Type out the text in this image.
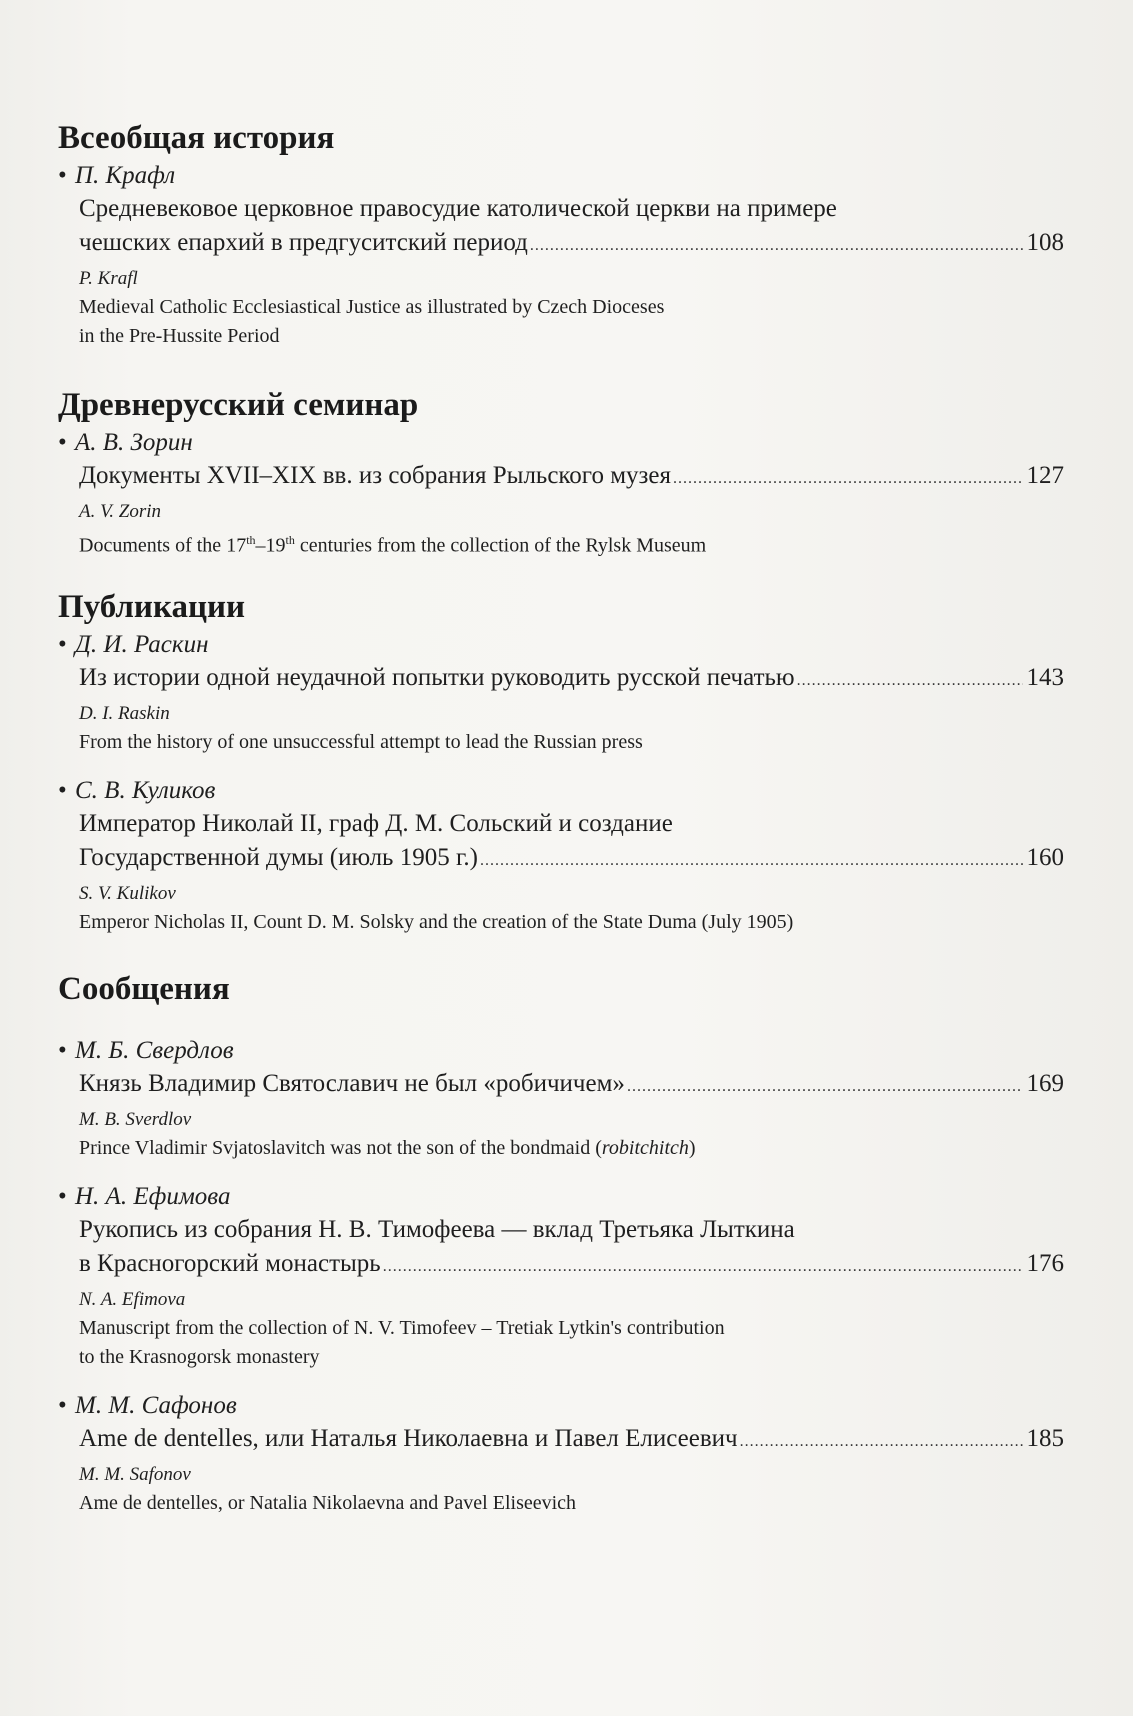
Всеобщая история
• П. Крафл
Средневековое церковное правосудие католической церкви на примере
чешских епархий в предгуситский период .....	108
P. Krafl
Medieval Catholic Ecclesiastical Justice as illustrated by Czech Dioceses
in the Pre-Hussite Period
Древнерусский семинар
• А. В. Зорин
Документы XVII–XIX вв. из собрания Рыльского музея .....	127
A. V. Zorin
Documents of the 17th–19th centuries from the collection of the Rylsk Museum
Публикации
• Д. И. Раскин
Из истории одной неудачной попытки руководить русской печатью .....	143
D. I. Raskin
From the history of one unsuccessful attempt to lead the Russian press
• С. В. Куликов
Император Николай II, граф Д. М. Сольский и создание
Государственной думы (июль 1905 г.) .....	160
S. V. Kulikov
Emperor Nicholas II, Count D. M. Solsky and the creation of the State Duma (July 1905)
Сообщения
• М. Б. Свердлов
Князь Владимир Святославич не был «робичичем» .....	169
M. B. Sverdlov
Prince Vladimir Svjatoslavitch was not the son of the bondmaid (robitchitch)
• Н. А. Ефимова
Рукопись из собрания Н. В. Тимофеева — вклад Третьяка Лыткина
в Красногорский монастырь .....	176
N. A. Efimova
Manuscript from the collection of N. V. Timofeev – Tretiak Lytkin's contribution
to the Krasnogorsk monastery
• М. М. Сафонов
Ame de dentelles, или Наталья Николаевна и Павел Елисеевич .....	185
M. M. Safonov
Ame de dentelles, or Natalia Nikolaevna and Pavel Eliseevich
